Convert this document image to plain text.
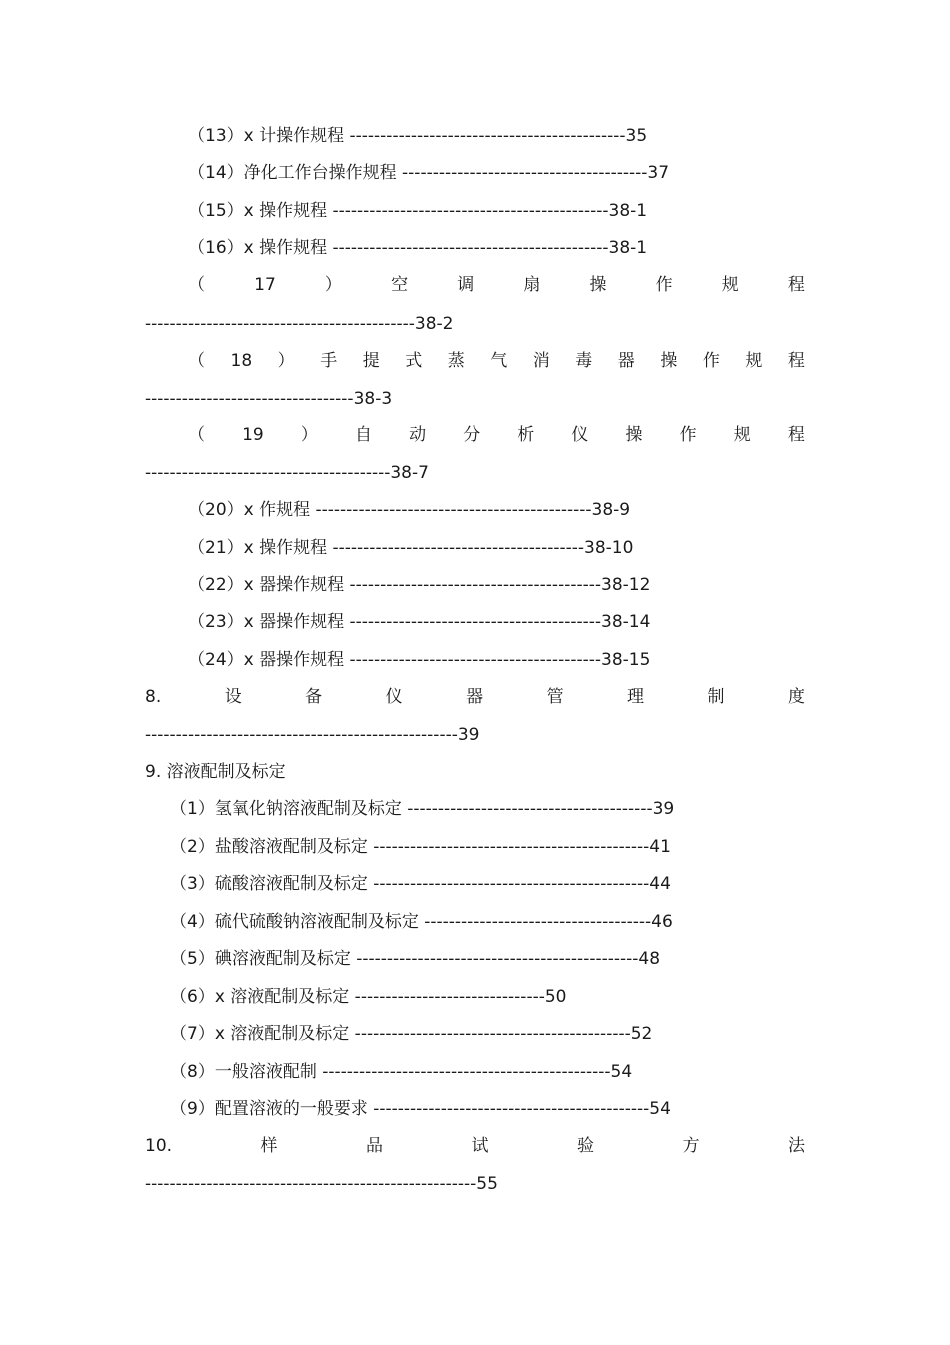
（13）x 计操作规程 ---------------------------------------------35
（14）净化工作台操作规程 ----------------------------------------37
（15）x 操作规程 ---------------------------------------------38-1
（16）x 操作规程 ---------------------------------------------38-1
（	17	）	空	调	扇	操	作	规	程
--------------------------------------------38-2
（ 18 ） 手 提 式 蒸 气 消 毒 器 操 作 规 程
----------------------------------38-3
（ 19 ） 自 动 分 析 仪 操 作 规 程
----------------------------------------38-7
（20）x 作规程 ---------------------------------------------38-9
（21）x 操作规程 -----------------------------------------38-10
（22）x 器操作规程 -----------------------------------------38-12
（23）x 器操作规程 -----------------------------------------38-14
（24）x 器操作规程 -----------------------------------------38-15
8.	设	备	仪	器	管	理	制	度
---------------------------------------------------39
9. 溶液配制及标定
（1）氢氧化钠溶液配制及标定 ----------------------------------------39
（2）盐酸溶液配制及标定 ---------------------------------------------41
（3）硫酸溶液配制及标定 ---------------------------------------------44
（4）硫代硫酸钠溶液配制及标定 -------------------------------------46
（5）碘溶液配制及标定 ----------------------------------------------48
（6）x 溶液配制及标定 -------------------------------50
（7）x 溶液配制及标定 ---------------------------------------------52
（8）一般溶液配制 -----------------------------------------------54
（9）配置溶液的一般要求 ---------------------------------------------54
10.	样	品	试	验	方	法
------------------------------------------------------55
